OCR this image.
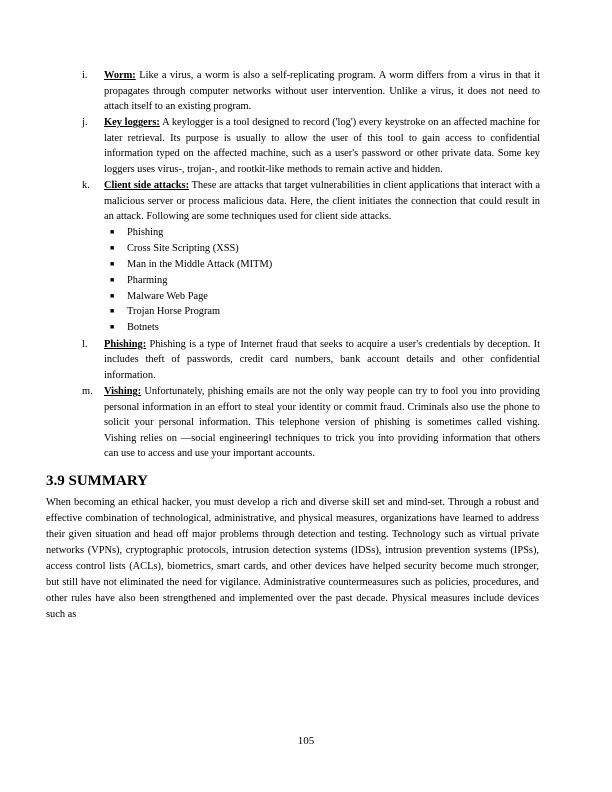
i.	Worm: Like a virus, a worm is also a self-replicating program. A worm differs from a virus in that it propagates through computer networks without user intervention. Unlike a virus, it does not need to attach itself to an existing program.
j.	Key loggers: A keylogger is a tool designed to record ('log') every keystroke on an affected machine for later retrieval. Its purpose is usually to allow the user of this tool to gain access to confidential information typed on the affected machine, such as a user's password or other private data. Some key loggers uses virus-, trojan-, and rootkit-like methods to remain active and hidden.
k.	Client side attacks: These are attacks that target vulnerabilities in client applications that interact with a malicious server or process malicious data. Here, the client initiates the connection that could result in an attack. Following are some techniques used for client side attacks.
■ Phishing
■ Cross Site Scripting (XSS)
■ Man in the Middle Attack (MITM)
■ Pharming
■ Malware Web Page
■ Trojan Horse Program
■ Botnets
l.	Phishing: Phishing is a type of Internet fraud that seeks to acquire a user's credentials by deception. It includes theft of passwords, credit card numbers, bank account details and other confidential information.
m.	Vishing: Unfortunately, phishing emails are not the only way people can try to fool you into providing personal information in an effort to steal your identity or commit fraud. Criminals also use the phone to solicit your personal information. This telephone version of phishing is sometimes called vishing. Vishing relies on —social engineering‖ techniques to trick you into providing information that others can use to access and use your important accounts.
3.9 SUMMARY
When becoming an ethical hacker, you must develop a rich and diverse skill set and mind-set. Through a robust and effective combination of technological, administrative, and physical measures, organizations have learned to address their given situation and head off major problems through detection and testing. Technology such as virtual private networks (VPNs), cryptographic protocols, intrusion detection systems (IDSs), intrusion prevention systems (IPSs), access control lists (ACLs), biometrics, smart cards, and other devices have helped security become much stronger, but still have not eliminated the need for vigilance. Administrative countermeasures such as policies, procedures, and other rules have also been strengthened and implemented over the past decade. Physical measures include devices such as
105
